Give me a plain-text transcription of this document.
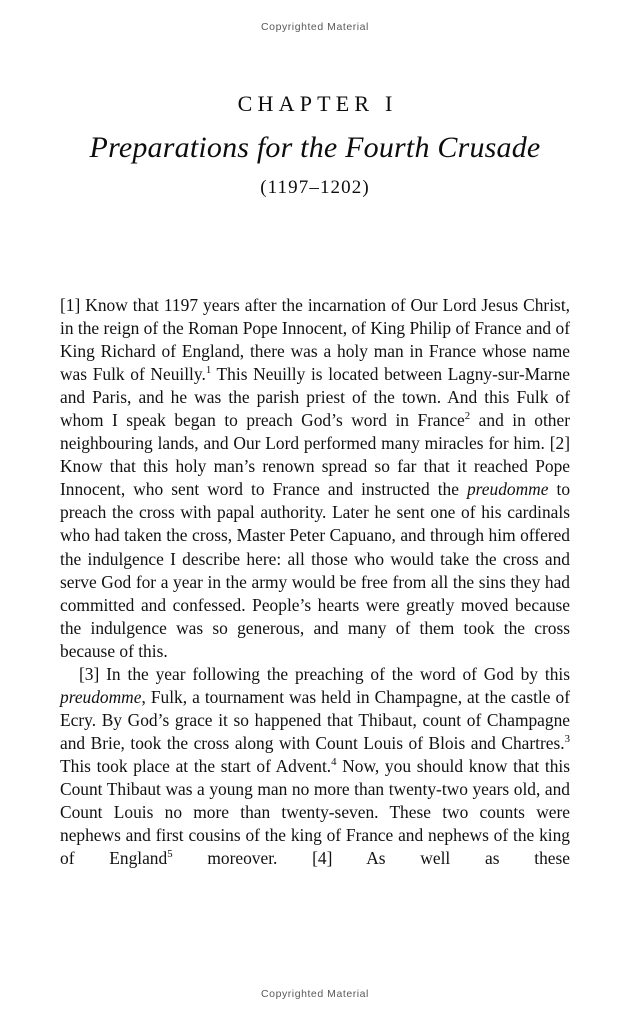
Copyrighted Material
CHAPTER I
Preparations for the Fourth Crusade
(1197–1202)

[1] Know that 1197 years after the incarnation of Our Lord Jesus Christ, in the reign of the Roman Pope Innocent, of King Philip of France and of King Richard of England, there was a holy man in France whose name was Fulk of Neuilly.$^1$ This Neuilly is located between Lagny-sur-Marne and Paris, and he was the parish priest of the town. And this Fulk of whom I speak began to preach God’s word in France$^2$ and in other neighbouring lands, and Our Lord performed many miracles for him. [2] Know that this holy man’s renown spread so far that it reached Pope Innocent, who sent word to France and instructed the preudomme to preach the cross with papal authority. Later he sent one of his cardinals who had taken the cross, Master Peter Capuano, and through him offered the indulgence I describe here: all those who would take the cross and serve God for a year in the army would be free from all the sins they had committed and confessed. People’s hearts were greatly moved because the indulgence was so generous, and many of them took the cross because of this.

[3] In the year following the preaching of the word of God by this preudomme, Fulk, a tournament was held in Champagne, at the castle of Ecry. By God’s grace it so happened that Thibaut, count of Champagne and Brie, took the cross along with Count Louis of Blois and Chartres.$^3$ This took place at the start of Advent.$^4$ Now, you should know that this Count Thibaut was a young man no more than twenty-two years old, and Count Louis no more than twenty-seven. These two counts were nephews and first cousins of the king of France and nephews of the king of England$^5$ moreover. [4] As well as these

Copyrighted Material
